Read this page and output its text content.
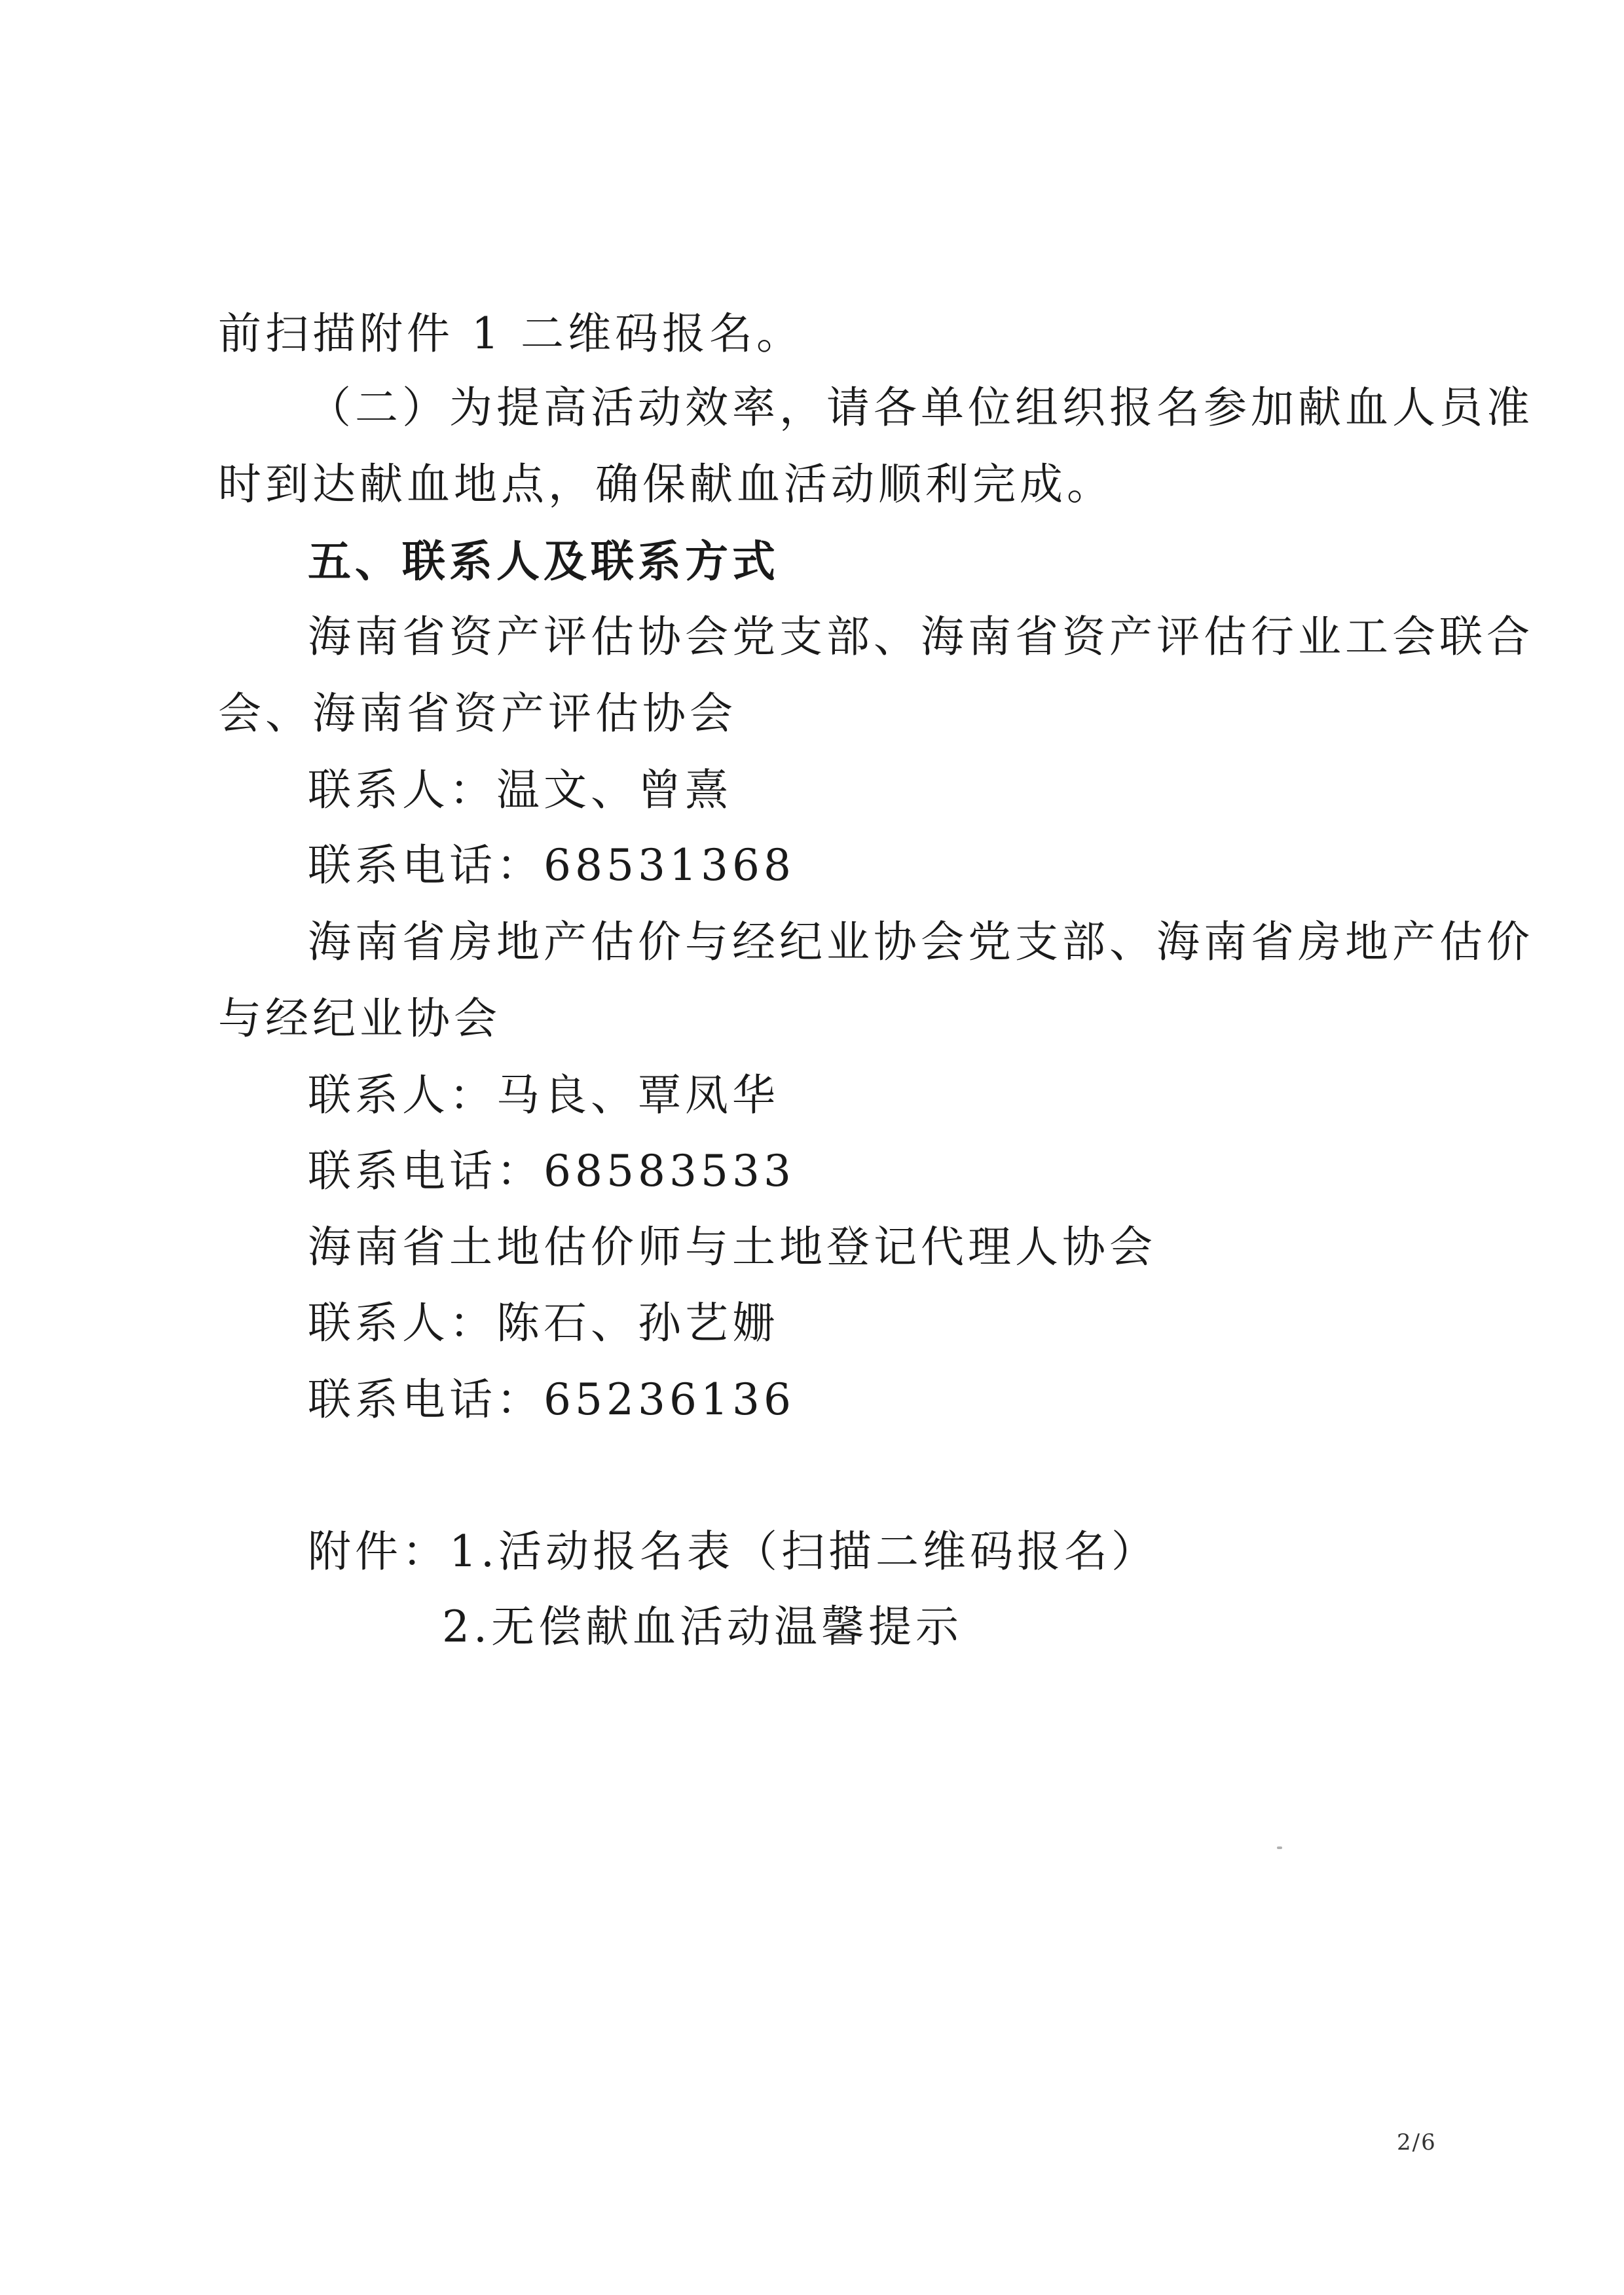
前扫描附件 1 二维码报名。
（二）为提高活动效率，请各单位组织报名参加献血人员准
时到达献血地点，确保献血活动顺利完成。
五、联系人及联系方式
海南省资产评估协会党支部、海南省资产评估行业工会联合
会、海南省资产评估协会
联系人：温文、曾熹
联系电话：68531368
海南省房地产估价与经纪业协会党支部、海南省房地产估价
与经纪业协会
联系人：马良、覃凤华
联系电话：68583533
海南省土地估价师与土地登记代理人协会
联系人：陈石、孙艺姗
联系电话：65236136
附件：1.活动报名表（扫描二维码报名）
2.无偿献血活动温馨提示
2/6
